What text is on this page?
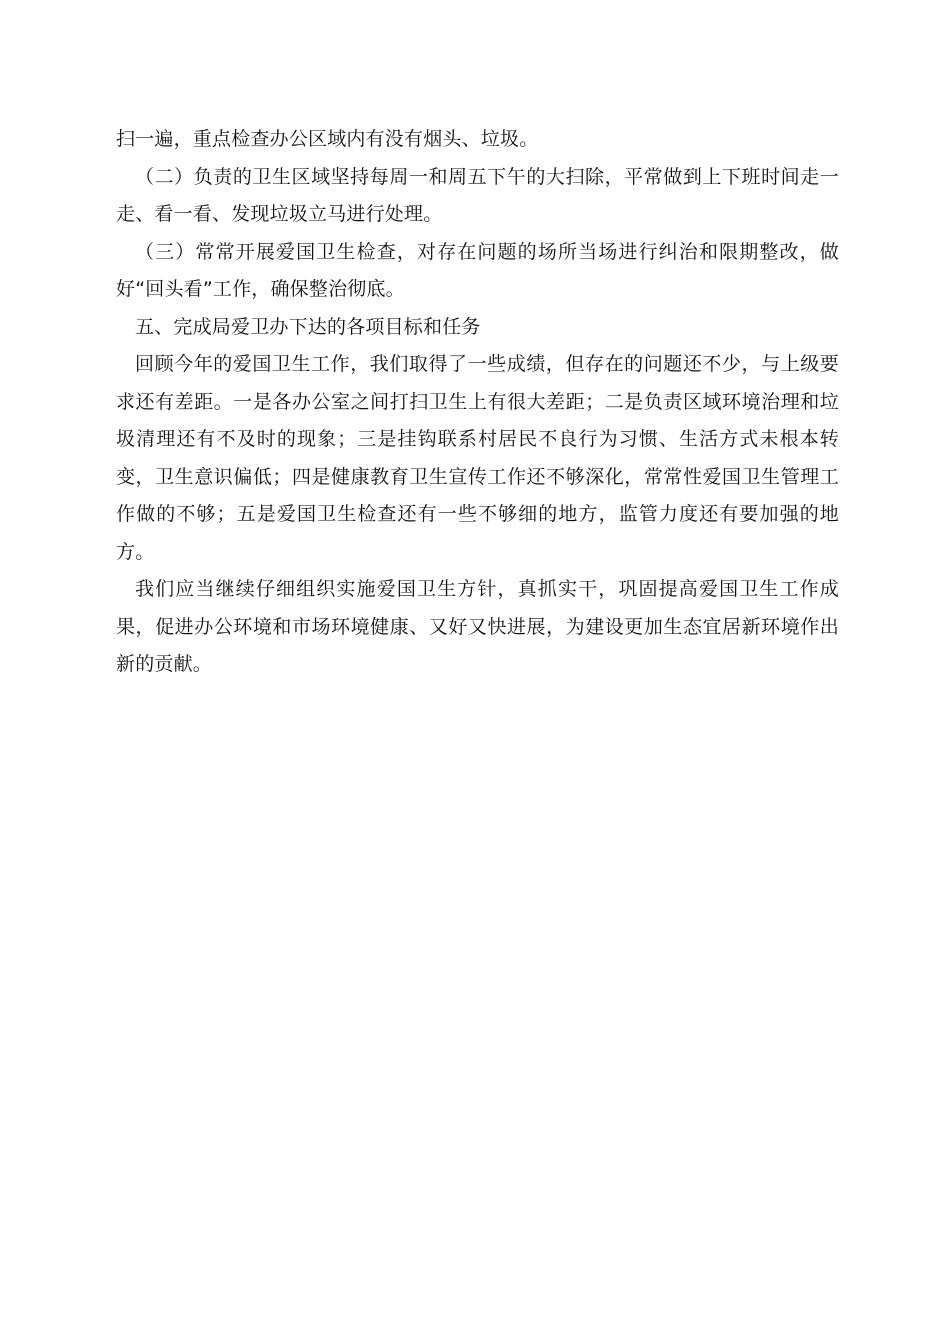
扫一遍，重点检查办公区域内有没有烟头、垃圾。

（二）负责的卫生区域坚持每周一和周五下午的大扫除，平常做到上下班时间走一走、看一看、发现垃圾立马进行处理。

（三）常常开展爱国卫生检查，对存在问题的场所当场进行纠治和限期整改，做好“回头看”工作，确保整治彻底。

五、完成局爱卫办下达的各项目标和任务

回顾今年的爱国卫生工作，我们取得了一些成绩，但存在的问题还不少，与上级要求还有差距。一是各办公室之间打扫卫生上有很大差距；二是负责区域环境治理和垃圾清理还有不及时的现象；三是挂钩联系村居民不良行为习惯、生活方式未根本转变，卫生意识偏低；四是健康教育卫生宣传工作还不够深化，常常性爱国卫生管理工作做的不够；五是爱国卫生检查还有一些不够细的地方，监管力度还有要加强的地方。

我们应当继续仔细组织实施爱国卫生方针，真抓实干，巩固提高爱国卫生工作成果，促进办公环境和市场环境健康、又好又快进展，为建设更加生态宜居新环境作出新的贡献。
